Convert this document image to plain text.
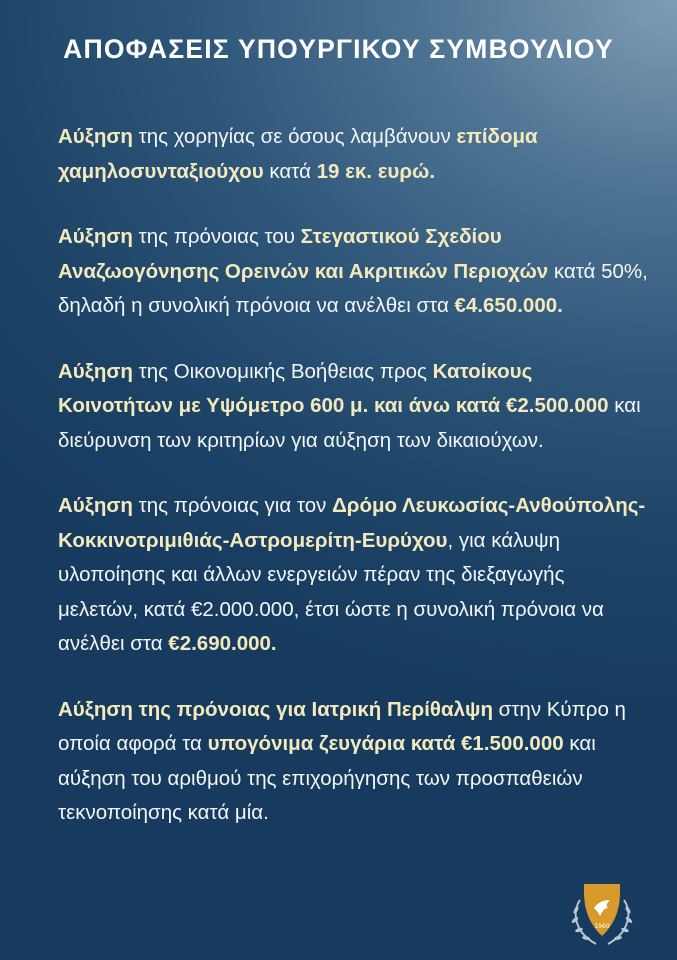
ΑΠΟΦΑΣΕΙΣ ΥΠΟΥΡΓΙΚΟΥ ΣΥΜΒΟΥΛΙΟΥ

Αύξηση της χορηγίας σε όσους λαμβάνουν επίδομα χαμηλοσυνταξιούχου κατά 19 εκ. ευρώ.

Αύξηση της πρόνοιας του Στεγαστικού Σχεδίου Αναζωογόνησης Ορεινών και Ακριτικών Περιοχών κατά 50%, δηλαδή η συνολική πρόνοια να ανέλθει στα €4.650.000.

Αύξηση της Οικονομικής Βοήθειας προς Κατοίκους Κοινοτήτων με Υψόμετρο 600 μ. και άνω κατά €2.500.000 και διεύρυνση των κριτηρίων για αύξηση των δικαιούχων.

Αύξηση της πρόνοιας για τον Δρόμο Λευκωσίας-Ανθούπολης-Κοκκινοτριμιθιάς-Αστρομερίτη-Ευρύχου, για κάλυψη υλοποίησης και άλλων ενεργειών πέραν της διεξαγωγής μελετών, κατά €2.000.000, έτσι ώστε η συνολική πρόνοια να ανέλθει στα €2.690.000.

Αύξηση της πρόνοιας για Ιατρική Περίθαλψη στην Κύπρο η οποία αφορά τα υπογόνιμα ζευγάρια κατά €1.500.000 και αύξηση του αριθμού της επιχορήγησης των προσπαθειών τεκνοποίησης κατά μία.

1960
